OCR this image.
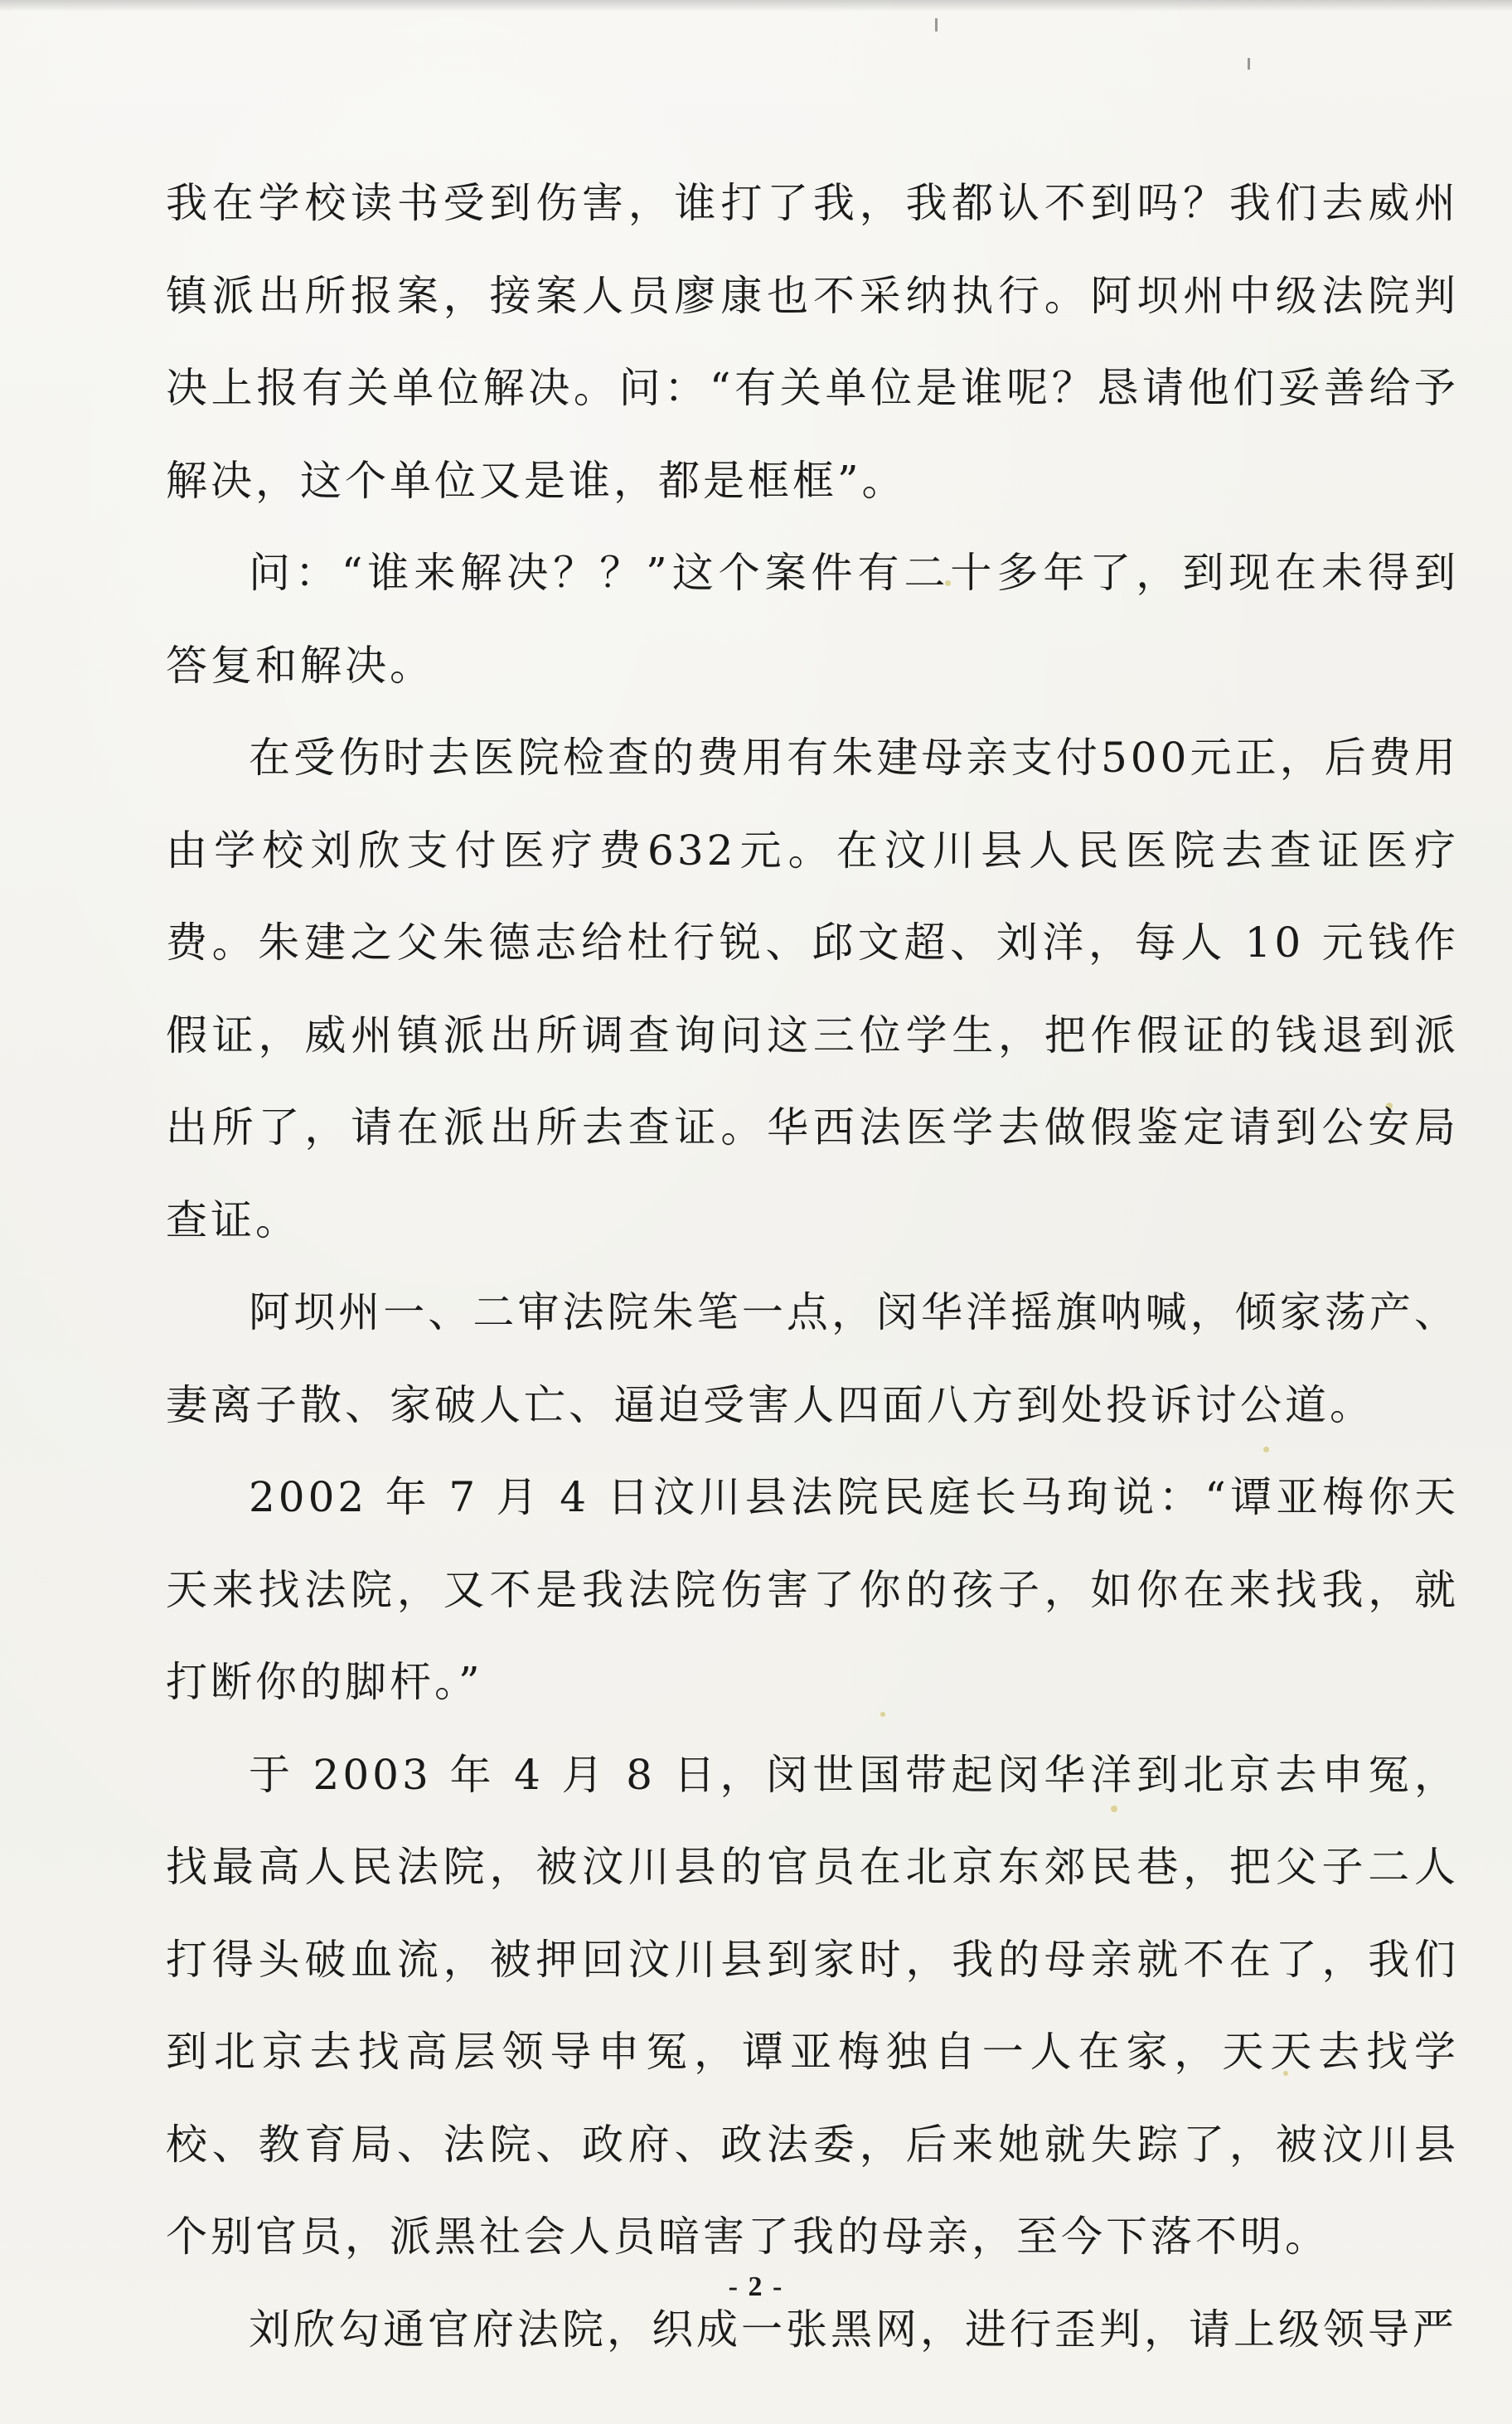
我在学校读书受到伤害，谁打了我，我都认不到吗？我们去威州镇派出所报案，接案人员廖康也不采纳执行。阿坝州中级法院判决上报有关单位解决。问：“有关单位是谁呢？恳请他们妥善给予解决，这个单位又是谁，都是框框”。

问：“谁来解决？？”这个案件有二十多年了，到现在未得到答复和解决。

在受伤时去医院检查的费用有朱建母亲支付500元正，后费用由学校刘欣支付医疗费632元。在汶川县人民医院去查证医疗费。朱建之父朱德志给杜行锐、邱文超、刘洋，每人 10 元钱作假证，威州镇派出所调查询问这三位学生，把作假证的钱退到派出所了，请在派出所去查证。华西法医学去做假鉴定请到公安局查证。

阿坝州一、二审法院朱笔一点，闵华洋摇旗呐喊，倾家荡产、妻离子散、家破人亡、逼迫受害人四面八方到处投诉讨公道。

2002 年 7 月 4 日汶川县法院民庭长马珣说：“谭亚梅你天天来找法院，又不是我法院伤害了你的孩子，如你在来找我，就打断你的脚杆。”

于 2003 年 4 月 8 日，闵世国带起闵华洋到北京去申冤，找最高人民法院，被汶川县的官员在北京东郊民巷，把父子二人打得头破血流，被押回汶川县到家时，我的母亲就不在了，我们到北京去找高层领导申冤，谭亚梅独自一人在家，天天去找学校、教育局、法院、政府、政法委，后来她就失踪了，被汶川县个别官员，派黑社会人员暗害了我的母亲，至今下落不明。

刘欣勾通官府法院，织成一张黑网，进行歪判，请上级领导严

- 2 -
